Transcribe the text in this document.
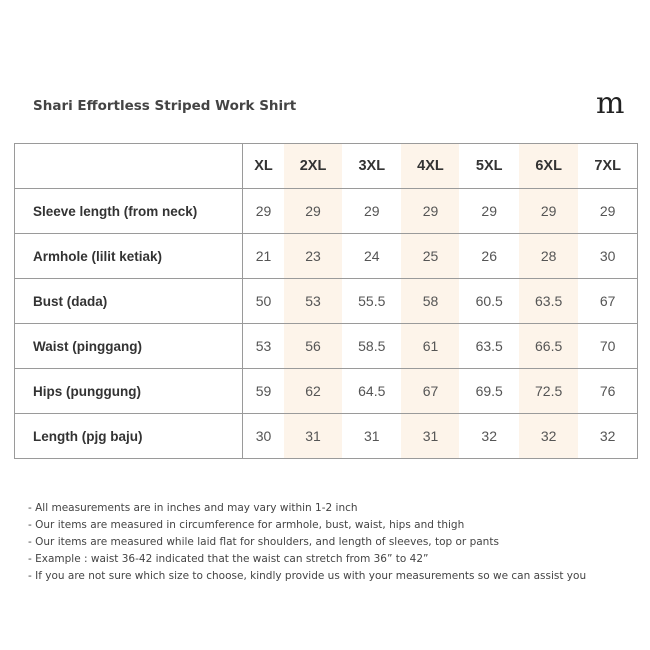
Shari Effortless Striped Work Shirt	m
	XL	2XL	3XL	4XL	5XL	6XL	7XL
Sleeve length (from neck)	29	29	29	29	29	29	29
Armhole (lilit ketiak)	21	23	24	25	26	28	30
Bust (dada)	50	53	55.5	58	60.5	63.5	67
Waist (pinggang)	53	56	58.5	61	63.5	66.5	70
Hips (punggung)	59	62	64.5	67	69.5	72.5	76
Length (pjg baju)	30	31	31	31	32	32	32
- All measurements are in inches and may vary within 1-2 inch
- Our items are measured in circumference for armhole, bust, waist, hips and thigh
- Our items are measured while laid flat for shoulders, and length of sleeves, top or pants
- Example : waist 36-42 indicated that the waist can stretch from 36” to 42”
- If you are not sure which size to choose, kindly provide us with your measurements so we can assist you
